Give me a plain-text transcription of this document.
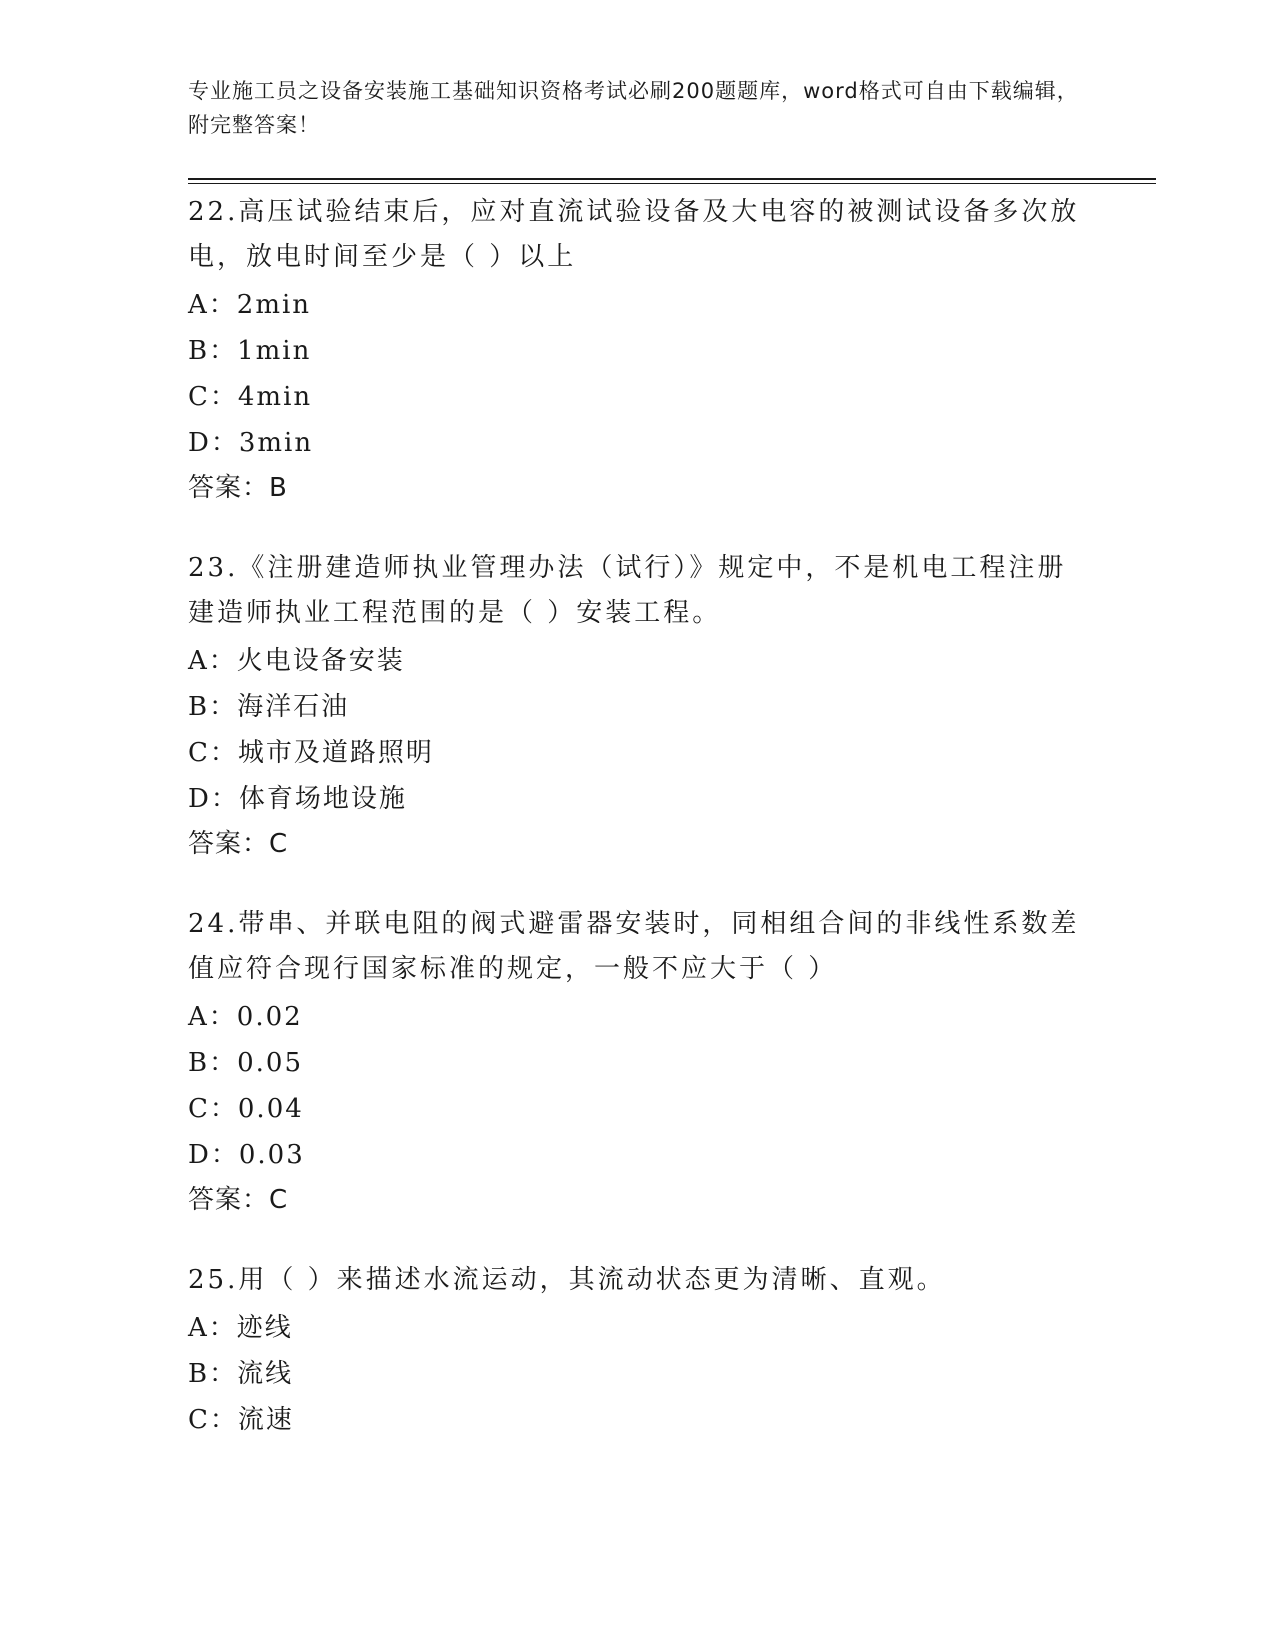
专业施工员之设备安装施工基础知识资格考试必刷200题题库，word格式可自由下载编辑，附完整答案！
22.高压试验结束后，应对直流试验设备及大电容的被测试设备多次放电，放电时间至少是（ ）以上
A：2min
B：1min
C：4min
D：3min
答案：B
23.《注册建造师执业管理办法（试行）》规定中，不是机电工程注册建造师执业工程范围的是（ ）安装工程。
A：火电设备安装
B：海洋石油
C：城市及道路照明
D：体育场地设施
答案：C
24.带串、并联电阻的阀式避雷器安装时，同相组合间的非线性系数差值应符合现行国家标准的规定，一般不应大于（ ）
A：0.02
B：0.05
C：0.04
D：0.03
答案：C
25.用（ ）来描述水流运动，其流动状态更为清晰、直观。
A：迹线
B：流线
C：流速
